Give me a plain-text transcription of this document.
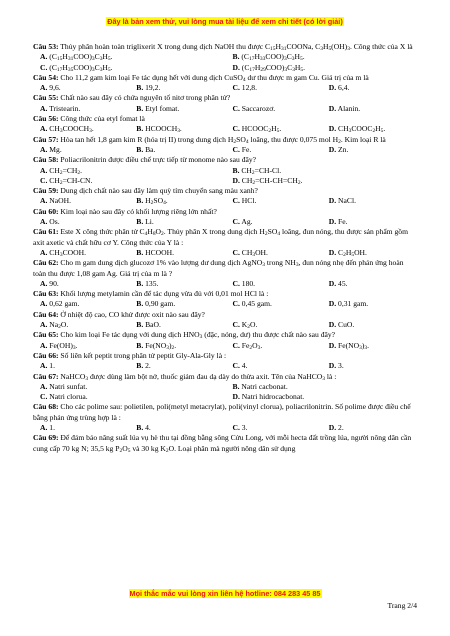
Đây là bản xem thử, vui lòng mua tài liệu để xem chi tiết (có lời giải)

Câu 53: Thủy phân hoàn toàn triglixerit X trong dung dịch NaOH thu được $C_{15}H_{31}COONa$, $C_3H_5(OH)_3$. Công thức của X là

A. $(C_{15}H_{31}COO)_3C_3H_5$.	B. $(C_{17}H_{33}COO)_3C_3H_5$.
C. $(C_{17}H_{35}COO)_3C_3H_5$.	D. $(C_{17}H_{29}COO)_3C_3H_5$.

Câu 54: Cho 11,2 gam kim loại Fe tác dụng hết với dung dịch CuSO$_4$ dư thu được m gam Cu. Giá trị của m là

A. 9,6.	B. 19,2.	C. 12,8.	D. 6,4.

Câu 55: Chất nào sau đây có chứa nguyên tố nitơ trong phân tử?

A. Tristearin.	B. Etyl fomat.	C. Saccarozơ.	D. Alanin.

Câu 56: Công thức của etyl fomat là

A. $CH_3COOCH_3$.	B. $HCOOCH_3$.	C. $HCOOC_2H_5$.	D. $CH_3COOC_2H_5$.

Câu 57: Hòa tan hết 1,8 gam kim R (hóa trị II) trong dung dịch $H_2SO_4$ loãng, thu được 0,075 mol $H_2$. Kim loại R là

A. Mg.	B. Ba.	C. Fe.	D. Zn.

Câu 58: Poliacrilonitrin được điều chế trực tiếp từ monome nào sau đây?

A. $CH_2=CH_2$.	B. $CH_2=CH-Cl$.
C. $CH_2=CH-CN$.	D. $CH_2=CH-CH=CH_2$.

Câu 59: Dung dịch chất nào sau đây làm quỳ tím chuyển sang màu xanh?

A. NaOH.	B. $H_2SO_4$.	C. HCl.	D. NaCl.

Câu 60: Kim loại nào sau đây có khối lượng riêng lớn nhất?

A. Os.	B. Li.	C. Ag.	D. Fe.

Câu 61: Este X công thức phân tử $C_4H_8O_2$. Thủy phân X trong dung dịch $H_2SO_4$ loãng, đun nóng, thu được sản phẩm gồm axit axetic và chất hữu cơ Y. Công thức của Y là :

A. $CH_3COOH$.	B. HCOOH.	C. $CH_3OH$.	D. $C_2H_5OH$.

Câu 62: Cho m gam dung dịch glucozơ 1% vào lượng dư dung dịch AgNO$_3$ trong $NH_3$, đun nóng nhẹ đến phản ứng hoàn toàn thu được 1,08 gam Ag. Giá trị của m là ?

A. 90.	B. 135.	C. 180.	D. 45.

Câu 63: Khối lượng metylamin cần để tác dụng vừa đủ với 0,01 mol HCl là :

A. 0,62 gam.	B. 0,90 gam.	C. 0,45 gam.	D. 0,31 gam.

Câu 64: Ở nhiệt độ cao, CO khử được oxit nào sau đây?

A. $Na_2O$.	B. BaO.	C. $K_2O$.	D. CuO.

Câu 65: Cho kim loại Fe tác dụng với dung dịch $HNO_3$ (đặc, nóng, dư) thu được chất nào sau đây?

A. $Fe(OH)_3$.	B. $Fe(NO_3)_2$.	C. $Fe_2O_3$.	D. $Fe(NO_3)_3$.

Câu 66: Số liên kết peptit trong phân tử peptit Gly-Ala-Gly là :

A. 1.	B. 2.	C. 4.	D. 3.

Câu 67: NaHCO$_3$ được dùng làm bột nở, thuốc giảm đau dạ dày do thừa axit. Tên của NaHCO$_3$ là :

A. Natri sunfat.	B. Natri cacbonat.
C. Natri clorua.	D. Natri hidrocacbonat.

Câu 68: Cho các polime sau: polietilen, poli(metyl metacrylat), poli(vinyl clorua), poliacrilonitrin. Số polime được điều chế bằng phản ứng trùng hợp là :

A. 1.	B. 4.	C. 3.	D. 2.

Câu 69: Để đảm bảo năng suất lúa vụ hè thu tại đồng bằng sông Cửu Long, với mỗi hecta đất trồng lúa, người nông dân cần cung cấp 70 kg N; 35,5 kg $P_2O_5$ và 30 kg $K_2O$. Loại phân mà người nông dân sử dụng

Mọi thắc mắc vui lòng xin liên hệ hotline: 084 283 45 85
Trang 2/4
